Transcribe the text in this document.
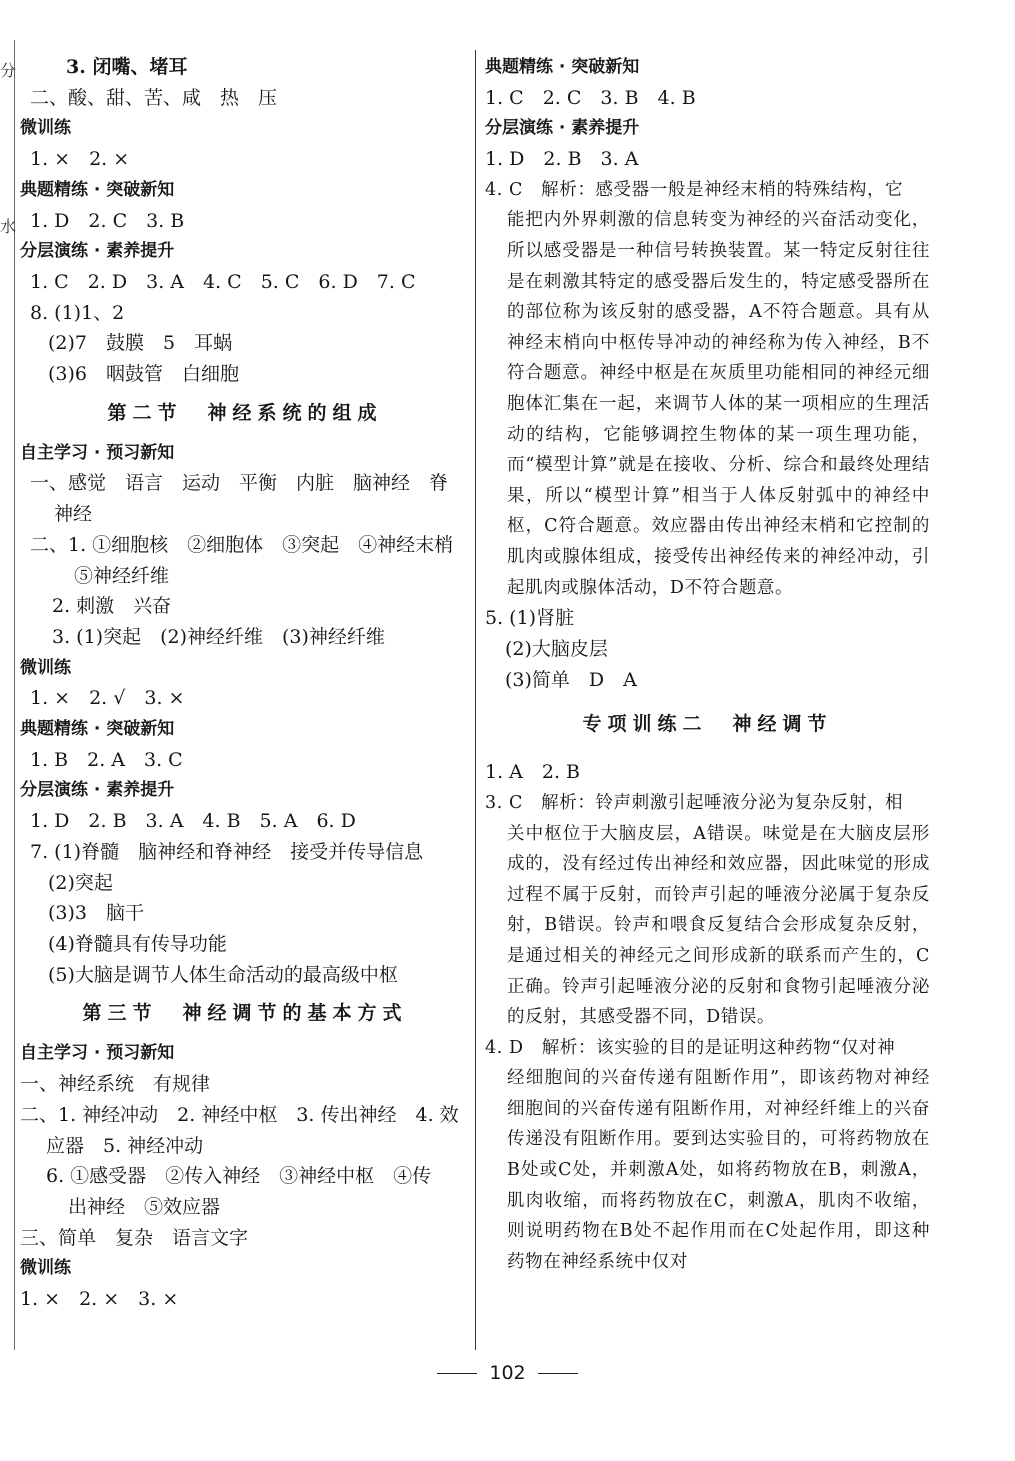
分
水
3. 闭嘴、堵耳
二、酸、甜、苦、咸　热　压
微训练
1. ×　2. ×
典题精练 · 突破新知
1. D　2. C　3. B
分层演练 · 素养提升
1. C　2. D　3. A　4. C　5. C　6. D　7. C
8. (1)1、2
(2)7　鼓膜　5　耳蜗
(3)6　咽鼓管　白细胞
第二节　神经系统的组成
自主学习 · 预习新知
一、感觉　语言　运动　平衡　内脏　脑神经　脊
神经
二、1. ①细胞核　②细胞体　③突起　④神经末梢
⑤神经纤维
2. 刺激　兴奋
3. (1)突起　(2)神经纤维　(3)神经纤维
微训练
1. ×　2. √　3. ×
典题精练 · 突破新知
1. B　2. A　3. C
分层演练 · 素养提升
1. D　2. B　3. A　4. B　5. A　6. D
7. (1)脊髓　脑神经和脊神经　接受并传导信息
(2)突起
(3)3　脑干
(4)脊髓具有传导功能
(5)大脑是调节人体生命活动的最高级中枢
第三节　神经调节的基本方式
自主学习 · 预习新知
一、神经系统　有规律
二、1. 神经冲动　2. 神经中枢　3. 传出神经　4. 效
应器　5. 神经冲动
6. ①感受器　②传入神经　③神经中枢　④传
出神经　⑤效应器
三、简单　复杂　语言文字
微训练
1. ×　2. ×　3. ×
典题精练 · 突破新知
1. C　2. C　3. B　4. B
分层演练 · 素养提升
1. D　2. B　3. A
4. C　解析：感受器一般是神经末梢的特殊结构，它
能把内外界刺激的信息转变为神经的兴奋活动变化，所以感受器是一种信号转换装置。某一特定反射往往是在刺激其特定的感受器后发生的，特定感受器所在的部位称为该反射的感受器，A不符合题意。具有从神经末梢向中枢传导冲动的神经称为传入神经，B不符合题意。神经中枢是在灰质里功能相同的神经元细胞体汇集在一起，来调节人体的某一项相应的生理活动的结构，它能够调控生物体的某一项生理功能，而“模型计算”就是在接收、分析、综合和最终处理结果，所以“模型计算”相当于人体反射弧中的神经中枢，C符合题意。效应器由传出神经末梢和它控制的肌肉或腺体组成，接受传出神经传来的神经冲动，引起肌肉或腺体活动，D不符合题意。
5. (1)肾脏
(2)大脑皮层
(3)简单　D　A
专项训练二　神经调节
1. A　2. B
3. C　解析：铃声刺激引起唾液分泌为复杂反射，相
关中枢位于大脑皮层，A错误。味觉是在大脑皮层形成的，没有经过传出神经和效应器，因此味觉的形成过程不属于反射，而铃声引起的唾液分泌属于复杂反射，B错误。铃声和喂食反复结合会形成复杂反射，是通过相关的神经元之间形成新的联系而产生的，C正确。铃声引起唾液分泌的反射和食物引起唾液分泌的反射，其感受器不同，D错误。
4. D　解析：该实验的目的是证明这种药物“仅对神
经细胞间的兴奋传递有阻断作用”，即该药物对神经细胞间的兴奋传递有阻断作用，对神经纤维上的兴奋传递没有阻断作用。要到达实验目的，可将药物放在B处或C处，并刺激A处，如将药物放在B，刺激A，肌肉收缩，而将药物放在C，刺激A，肌肉不收缩，则说明药物在B处不起作用而在C处起作用，即这种药物在神经系统中仅对
102
